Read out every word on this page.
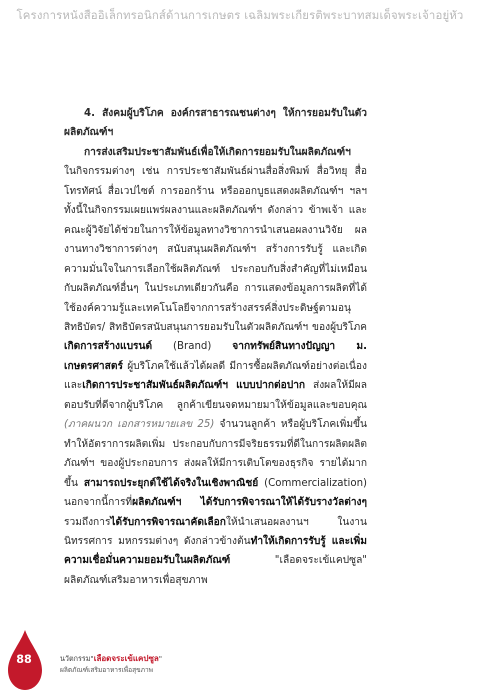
โครงการหนังสืออิเล็กทรอนิกส์ด้านการเกษตร เฉลิมพระเกียรติพระบาทสมเด็จพระเจ้าอยู่หัว

4. สังคมผู้บริโภค องค์กรสาธารณชนต่างๆ ให้การยอมรับในตัวผลิตภัณฑ์ฯ

การส่งเสริมประชาสัมพันธ์เพื่อให้เกิดการยอมรับในผลิตภัณฑ์ฯ

ในกิจกรรมต่างๆ เช่น การประชาสัมพันธ์ผ่านสื่อสิ่งพิมพ์ สื่อวิทยุ สื่อโทรทัศน์ สื่อเวปไซต์ การออกร้าน หรือออกบูธแสดงผลิตภัณฑ์ฯ ฯลฯ ทั้งนี้ในกิจกรรมเผยแพร่ผลงานและผลิตภัณฑ์ฯ ดังกล่าว ข้าพเจ้า และคณะผู้วิจัยได้ช่วยในการให้ข้อมูลทางวิชาการนำเสนอผลงานวิจัย ผลงานทางวิชาการต่างๆ สนับสนุนผลิตภัณฑ์ฯ สร้างการรับรู้ และเกิดความมั่นใจในการเลือกใช้ผลิตภัณฑ์ ประกอบกับสิ่งสำคัญที่ไม่เหมือนกับผลิตภัณฑ์อื่นๆ ในประเภทเดียวกันคือ การแสดงข้อมูลการผลิตที่ได้ใช้องค์ความรู้และเทคโนโลยีจากการสร้างสรรค์สิ่งประดิษฐ์ตามอนุสิทธิบัตร/ สิทธิบัตรสนับสนุนการยอมรับในตัวผลิตภัณฑ์ฯ ของผู้บริโภค เกิดการสร้างแบรนด์ (Brand) จากทรัพย์สินทางปัญญา ม. เกษตรศาสตร์ ผู้บริโภคใช้แล้วได้ผลดี มีการซื้อผลิตภัณฑ์อย่างต่อเนื่อง และเกิดการประชาสัมพันธ์ผลิตภัณฑ์ฯ แบบปากต่อปาก ส่งผลให้มีผลตอบรับที่ดีจากผู้บริโภค ลูกค้าเขียนจดหมายมาให้ข้อมูลและขอบคุณ (ภาคผนวก เอกสารหมายเลข 25) จำนวนลูกค้า หรือผู้บริโภคเพิ่มขึ้น ทำให้อัตราการผลิตเพิ่ม ประกอบกับการมีจริยธรรมที่ดีในการผลิตผลิตภัณฑ์ฯ ของผู้ประกอบการ ส่งผลให้มีการเติบโตของธุรกิจ รายได้มากขึ้น สามารถประยุกต์ใช้ได้จริงในเชิงพาณิชย์ (Commercialization) นอกจากนี้การที่ผลิตภัณฑ์ฯ ได้รับการพิจารณาให้ได้รับรางวัลต่างๆ รวมถึงการได้รับการพิจารณาคัดเลือกให้นำเสนอผลงานฯ ในงานนิทรรศการ มหกรรมต่างๆ ดังกล่าวข้างต้นทำให้เกิดการรับรู้ และเพิ่มความเชื่อมั่นความยอมรับในผลิตภัณฑ์ "เลือดจระเข้แคปซูล" ผลิตภัณฑ์เสริมอาหารเพื่อสุขภาพ

88	นวัตกรรม"เลือดจระเข้แคปซูล"
ผลิตภัณฑ์เสริมอาหารเพื่อสุขภาพ
